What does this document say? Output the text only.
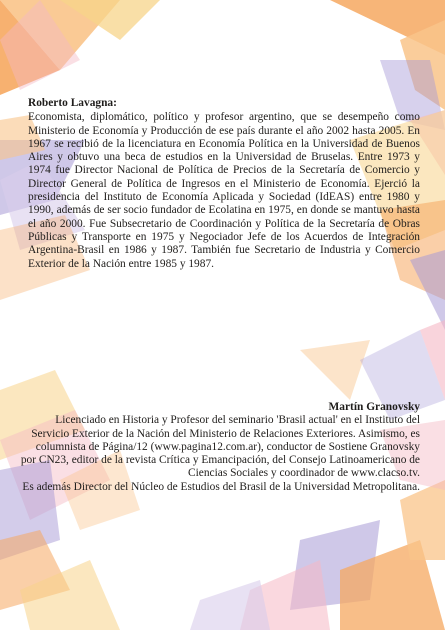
Roberto Lavagna:
Economista, diplomático, político y profesor argentino, que se desempeño como Ministerio de Economía y Producción de ese país durante el año 2002 hasta 2005. En 1967 se recibió de la licenciatura en Economía Política en la Universidad de Buenos Aires y obtuvo una beca de estudios en la Universidad de Bruselas. Entre 1973 y 1974 fue Director Nacional de Política de Precios de la Secretaría de Comercio y Director General de Política de Ingresos en el Ministerio de Economía. Ejerció la presidencia del Instituto de Economía Aplicada y Sociedad (IdEAS) entre 1980 y 1990, además de ser socio fundador de Ecolatina en 1975, en donde se mantuvo hasta el año 2000. Fue Subsecretario de Coordinación y Política de la Secretaría de Obras Públicas y Transporte en 1975 y Negociador Jefe de los Acuerdos de Integración Argentina-Brasil en 1986 y 1987. También fue Secretario de Industria y Comercio Exterior de la Nación entre 1985 y 1987.
Martín Granovsky
Licenciado en Historia y Profesor del seminario 'Brasil actual' en el Instituto del Servicio Exterior de la Nación del Ministerio de Relaciones Exteriores. Asimismo, es columnista de Página/12 (www.pagina12.com.ar), conductor de Sostiene Granovsky por CN23, editor de la revista Crítica y Emancipación, del Consejo Latinoamericano de Ciencias Sociales y coordinador de www.clacso.tv.
Es además Director del Núcleo de Estudios del Brasil de la Universidad Metropolitana.
